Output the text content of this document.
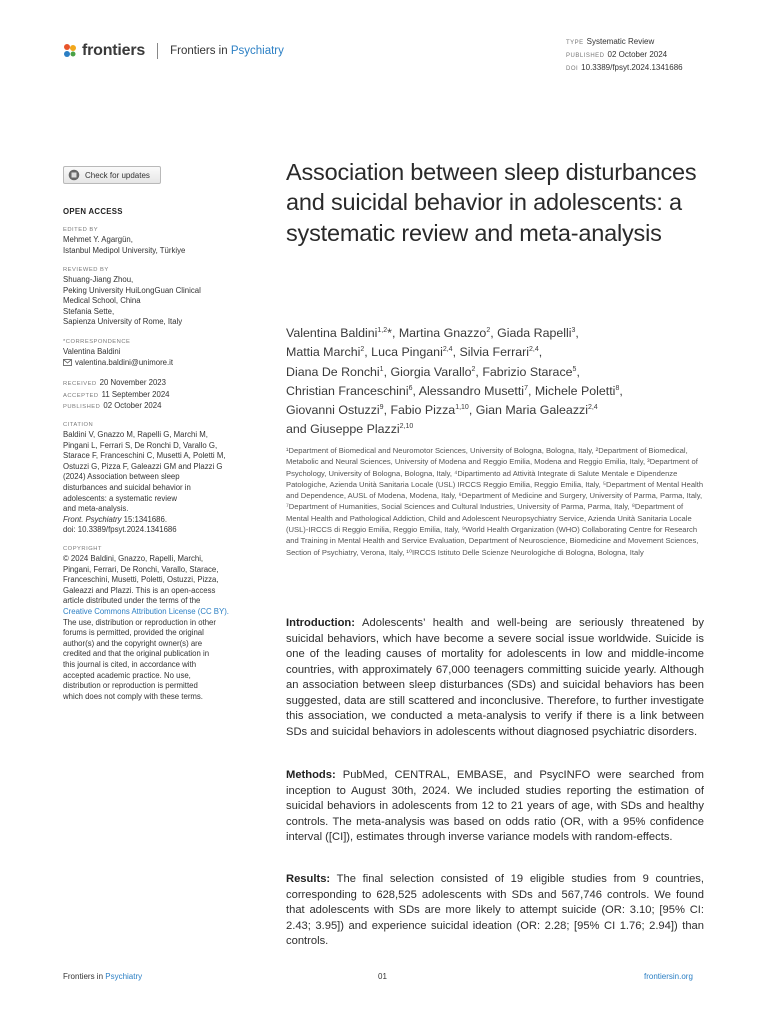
frontiers Frontiers in Psychiatry
TYPE Systematic Review
PUBLISHED 02 October 2024
DOI 10.3389/fpsyt.2024.1341686
Check for updates
OPEN ACCESS
EDITED BY
Mehmet Y. Agargün,
Istanbul Medipol University, Türkiye
REVIEWED BY
Shuang-Jiang Zhou,
Peking University HuiLongGuan Clinical
Medical School, China
Stefania Sette,
Sapienza University of Rome, Italy
*CORRESPONDENCE
Valentina Baldini
valentina.baldini@unimore.it
RECEIVED 20 November 2023
ACCEPTED 11 September 2024
PUBLISHED 02 October 2024
CITATION
Baldini V, Gnazzo M, Rapelli G, Marchi M,
Pingani L, Ferrari S, De Ronchi D, Varallo G,
Starace F, Franceschini C, Musetti A, Poletti M,
Ostuzzi G, Pizza F, Galeazzi GM and Plazzi G
(2024) Association between sleep
disturbances and suicidal behavior in
adolescents: a systematic review
and meta-analysis.
Front. Psychiatry 15:1341686.
doi: 10.3389/fpsyt.2024.1341686
COPYRIGHT
© 2024 Baldini, Gnazzo, Rapelli, Marchi,
Pingani, Ferrari, De Ronchi, Varallo, Starace,
Franceschini, Musetti, Poletti, Ostuzzi, Pizza,
Galeazzi and Plazzi. This is an open-access
article distributed under the terms of the
Creative Commons Attribution License (CC BY).
The use, distribution or reproduction in other
forums is permitted, provided the original
author(s) and the copyright owner(s) are
credited and that the original publication in
this journal is cited, in accordance with
accepted academic practice. No use,
distribution or reproduction is permitted
which does not comply with these terms.
Association between sleep disturbances and suicidal behavior in adolescents: a systematic review and meta-analysis
Valentina Baldini$^{1,2}$*, Martina Gnazzo$^2$, Giada Rapelli$^3$,
Mattia Marchi$^2$, Luca Pingani$^{2,4}$, Silvia Ferrari$^{2,4}$,
Diana De Ronchi$^1$, Giorgia Varallo$^2$, Fabrizio Starace$^5$,
Christian Franceschini$^6$, Alessandro Musetti$^7$, Michele Poletti$^8$,
Giovanni Ostuzzi$^9$, Fabio Pizza$^{1,10}$, Gian Maria Galeazzi$^{2,4}$
and Giuseppe Plazzi$^{2,10}$
¹Department of Biomedical and Neuromotor Sciences, University of Bologna, Bologna, Italy, ²Department of Biomedical, Metabolic and Neural Sciences, University of Modena and Reggio Emilia, Modena and Reggio Emilia, Italy, ³Department of Psychology, University of Bologna, Bologna, Italy, ⁴Dipartimento ad Attività Integrate di Salute Mentale e Dipendenze Patologiche, Azienda Unità Sanitaria Locale (USL) IRCCS Reggio Emilia, Reggio Emilia, Italy, ⁵Department of Mental Health and Dependence, AUSL of Modena, Modena, Italy, ⁶Department of Medicine and Surgery, University of Parma, Parma, Italy, ⁷Department of Humanities, Social Sciences and Cultural Industries, University of Parma, Parma, Italy, ⁸Department of Mental Health and Pathological Addiction, Child and Adolescent Neuropsychiatry Service, Azienda Unità Sanitaria Locale (USL)-IRCCS di Reggio Emilia, Reggio Emilia, Italy, ⁹World Health Organization (WHO) Collaborating Centre for Research and Training in Mental Health and Service Evaluation, Department of Neuroscience, Biomedicine and Movement Sciences, Section of Psychiatry, Verona, Italy, ¹⁰IRCCS Istituto Delle Scienze Neurologiche di Bologna, Bologna, Italy
Introduction: Adolescents’ health and well-being are seriously threatened by suicidal behaviors, which have become a severe social issue worldwide. Suicide is one of the leading causes of mortality for adolescents in low and middle-income countries, with approximately 67,000 teenagers committing suicide yearly. Although an association between sleep disturbances (SDs) and suicidal behaviors has been suggested, data are still scattered and inconclusive. Therefore, to further investigate this association, we conducted a meta-analysis to verify if there is a link between SDs and suicidal behaviors in adolescents without diagnosed psychiatric disorders.
Methods: PubMed, CENTRAL, EMBASE, and PsycINFO were searched from inception to August 30th, 2024. We included studies reporting the estimation of suicidal behaviors in adolescents from 12 to 21 years of age, with SDs and healthy controls. The meta-analysis was based on odds ratio (OR, with a 95% confidence interval ([CI]), estimates through inverse variance models with random-effects.
Results: The final selection consisted of 19 eligible studies from 9 countries, corresponding to 628,525 adolescents with SDs and 567,746 controls. We found that adolescents with SDs are more likely to attempt suicide (OR: 3.10; [95% CI: 2.43; 3.95]) and experience suicidal ideation (OR: 2.28; [95% CI 1.76; 2.94]) than controls.
Frontiers in Psychiatry	01	frontiersin.org
